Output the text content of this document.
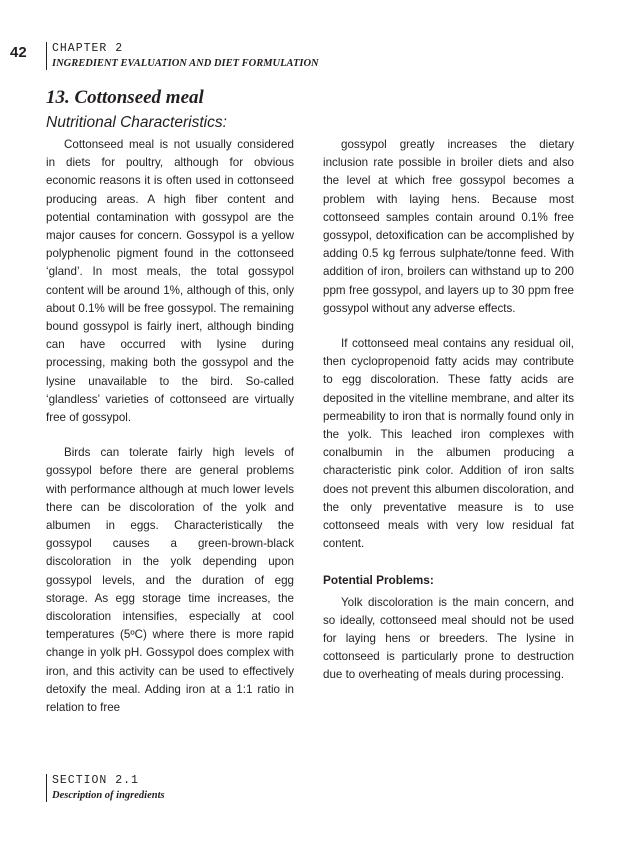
42 CHAPTER 2
INGREDIENT EVALUATION AND DIET FORMULATION
13. Cottonseed meal
Nutritional Characteristics:

Cottonseed meal is not usually considered in diets for poultry, although for obvious economic reasons it is often used in cottonseed producing areas. A high fiber content and potential contamination with gossypol are the major causes for concern. Gossypol is a yellow polyphenolic pigment found in the cottonseed ‘gland’. In most meals, the total gossypol content will be around 1%, although of this, only about 0.1% will be free gossypol. The remaining bound gossypol is fairly inert, although binding can have occurred with lysine during processing, making both the gossypol and the lysine unavailable to the bird. So-called ‘glandless’ varieties of cottonseed are virtually free of gossypol.

Birds can tolerate fairly high levels of gossypol before there are general problems with performance although at much lower levels there can be discoloration of the yolk and albumen in eggs. Characteristically the gossypol causes a green-brown-black discoloration in the yolk depending upon gossypol levels, and the duration of egg storage. As egg storage time increases, the discoloration intensifies, especially at cool temperatures (5ºC) where there is more rapid change in yolk pH. Gossypol does complex with iron, and this activity can be used to effectively detoxify the meal. Adding iron at a 1:1 ratio in relation to free

gossypol greatly increases the dietary inclusion rate possible in broiler diets and also the level at which free gossypol becomes a problem with laying hens. Because most cottonseed samples contain around 0.1% free gossypol, detoxification can be accomplished by adding 0.5 kg ferrous sulphate/tonne feed. With addition of iron, broilers can withstand up to 200 ppm free gossypol, and layers up to 30 ppm free gossypol without any adverse effects.

If cottonseed meal contains any residual oil, then cyclopropenoid fatty acids may contribute to egg discoloration. These fatty acids are deposited in the vitelline membrane, and alter its permeability to iron that is normally found only in the yolk. This leached iron complexes with conalbumin in the albumen producing a characteristic pink color. Addition of iron salts does not prevent this albumen discoloration, and the only preventative measure is to use cottonseed meals with very low residual fat content.

Potential Problems:

Yolk discoloration is the main concern, and so ideally, cottonseed meal should not be used for laying hens or breeders. The lysine in cottonseed is particularly prone to destruction due to overheating of meals during processing.

SECTION 2.1
Description of ingredients
